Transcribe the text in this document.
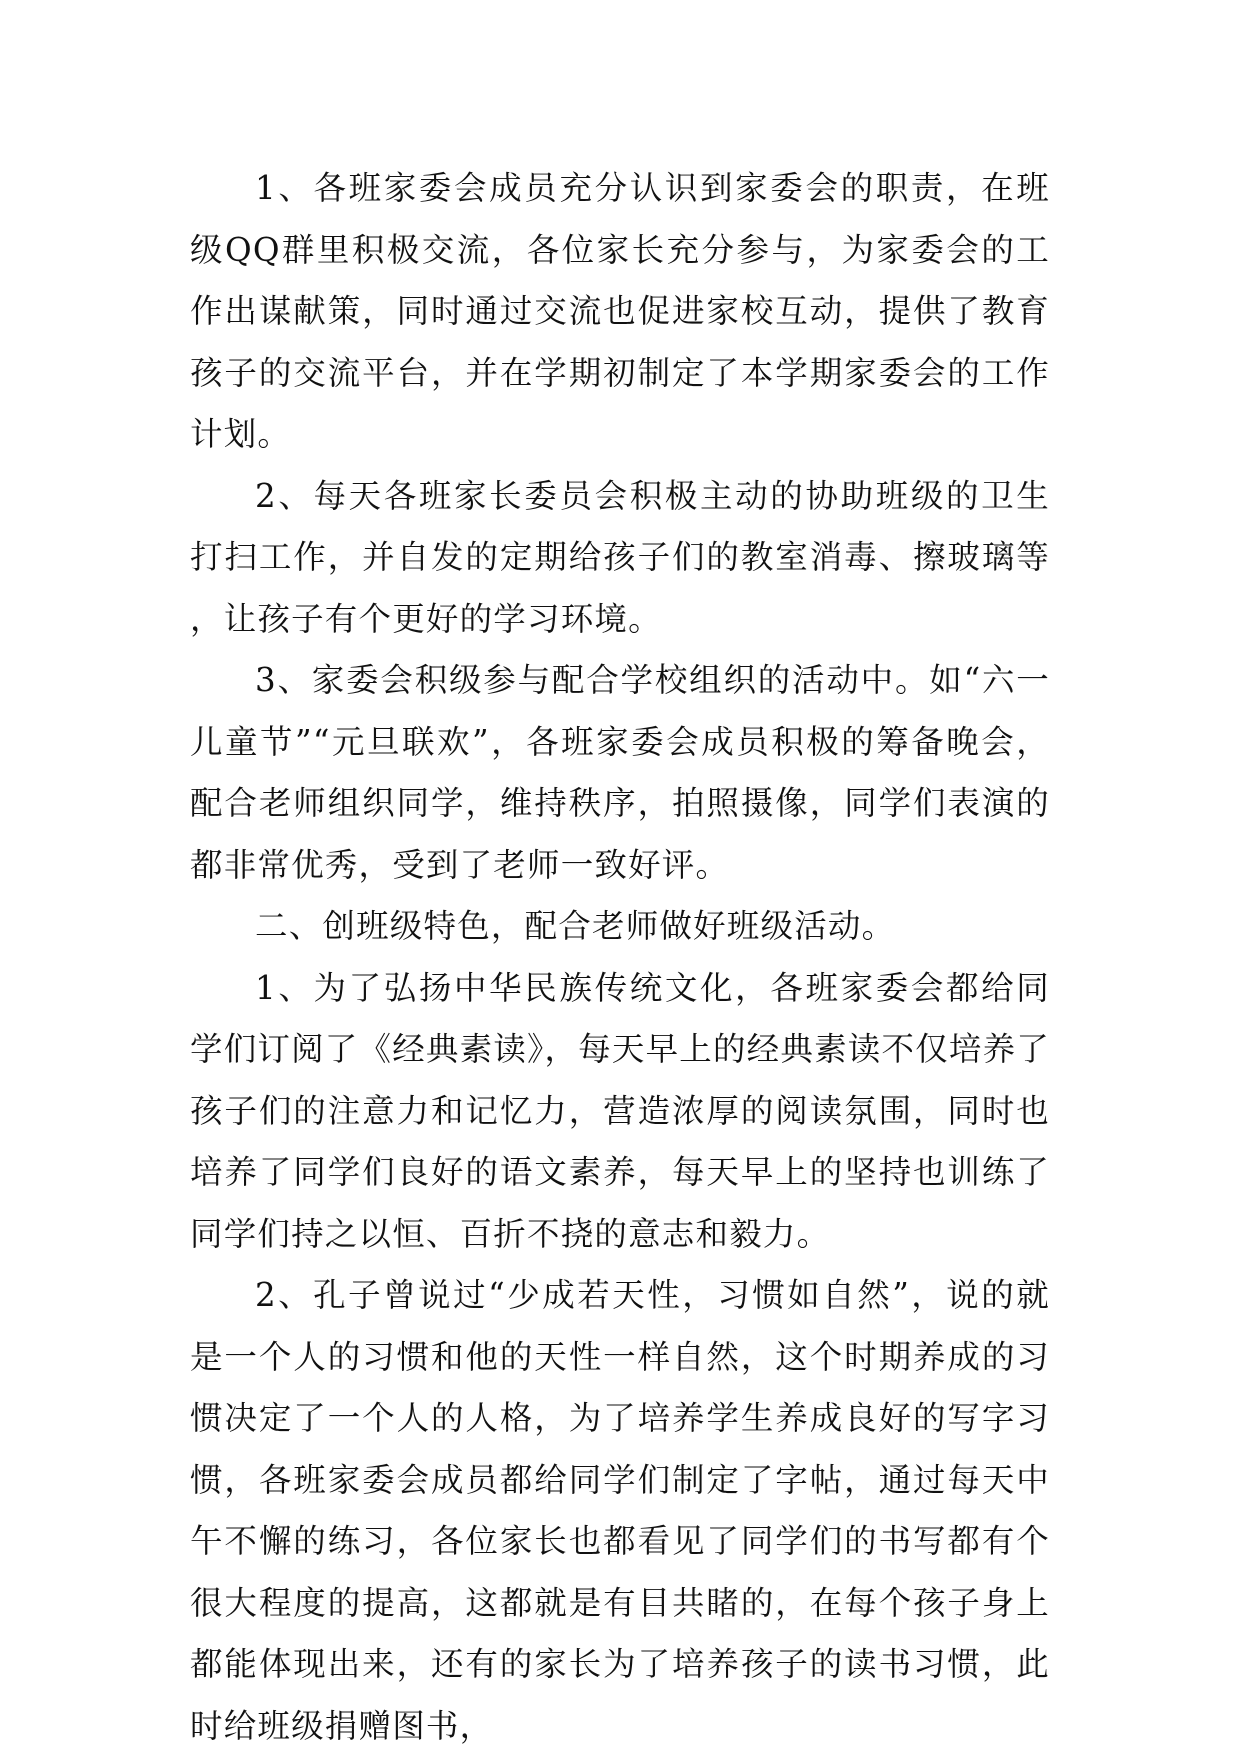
1、各班家委会成员充分认识到家委会的职责，在班级QQ群里积极交流，各位家长充分参与，为家委会的工作出谋献策，同时通过交流也促进家校互动，提供了教育孩子的交流平台，并在学期初制定了本学期家委会的工作计划。

2、每天各班家长委员会积极主动的协助班级的卫生打扫工作，并自发的定期给孩子们的教室消毒、擦玻璃等，让孩子有个更好的学习环境。

3、家委会积级参与配合学校组织的活动中。如“六一儿童节”“元旦联欢”，各班家委会成员积极的筹备晚会，配合老师组织同学，维持秩序，拍照摄像，同学们表演的都非常优秀，受到了老师一致好评。

二、创班级特色，配合老师做好班级活动。

1、为了弘扬中华民族传统文化，各班家委会都给同学们订阅了《经典素读》，每天早上的经典素读不仅培养了孩子们的注意力和记忆力，营造浓厚的阅读氛围，同时也培养了同学们良好的语文素养，每天早上的坚持也训练了同学们持之以恒、百折不挠的意志和毅力。

2、孔子曾说过“少成若天性，习惯如自然”，说的就是一个人的习惯和他的天性一样自然，这个时期养成的习惯决定了一个人的人格，为了培养学生养成良好的写字习惯，各班家委会成员都给同学们制定了字帖，通过每天中午不懈的练习，各位家长也都看见了同学们的书写都有个很大程度的提高，这都就是有目共睹的，在每个孩子身上都能体现出来，还有的家长为了培养孩子的读书习惯，此时给班级捐赠图书，
